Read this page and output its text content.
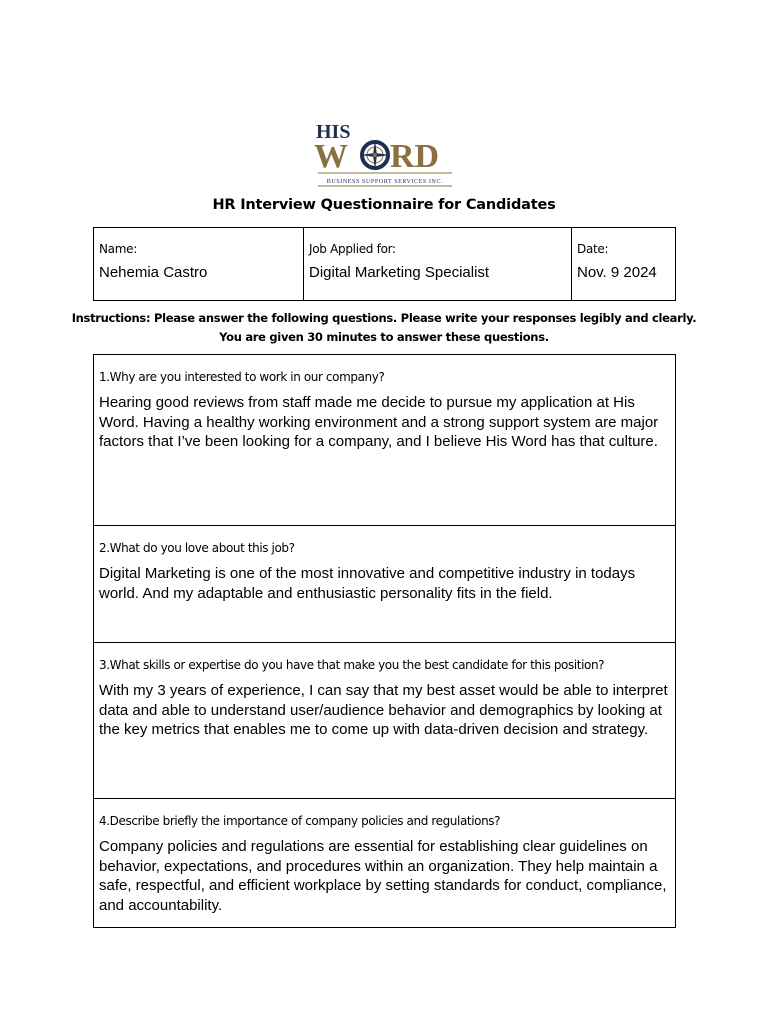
HIS
W RD
BUSINESS SUPPORT SERVICES INC.
HR Interview Questionnaire for Candidates
Name:
Nehemia Castro

Job Applied for:
Digital Marketing Specialist

Date:
Nov. 9 2024
Instructions: Please answer the following questions. Please write your responses legibly and clearly.
You are given 30 minutes to answer these questions.
1.Why are you interested to work in our company?
Hearing good reviews from staff made me decide to pursue my application at His Word. Having a healthy working environment and a strong support system are major factors that I’ve been looking for a company, and I believe His Word has that culture.
2.What do you love about this job?
Digital Marketing is one of the most innovative and competitive industry in todays world. And my adaptable and enthusiastic personality fits in the field.
3.What skills or expertise do you have that make you the best candidate for this position?
With my 3 years of experience, I can say that my best asset would be able to interpret data and able to understand user/audience behavior and demographics by looking at the key metrics that enables me to come up with data-driven decision and strategy.
4.Describe briefly the importance of company policies and regulations?
Company policies and regulations are essential for establishing clear guidelines on behavior, expectations, and procedures within an organization. They help maintain a safe, respectful, and efficient workplace by setting standards for conduct, compliance, and accountability.
